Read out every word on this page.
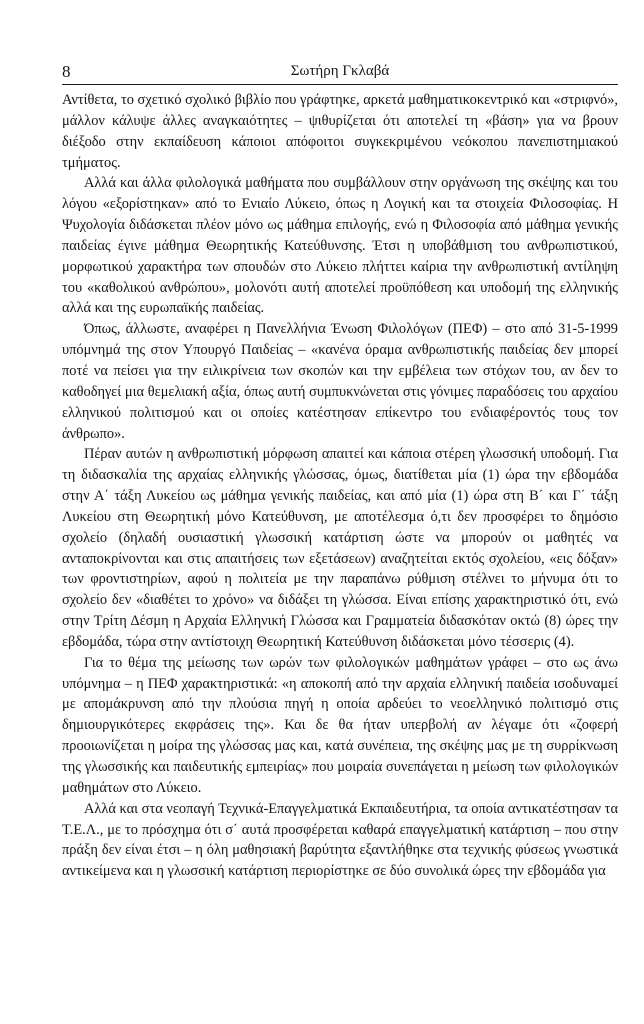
8	Σωτήρη Γκλαβά

Αντίθετα, το σχετικό σχολικό βιβλίο που γράφτηκε, αρκετά μαθηματικοκεντρικό και «στριφνό», μάλλον κάλυψε άλλες αναγκαιότητες – ψιθυρίζεται ότι αποτελεί τη «βάση» για να βρουν διέξοδο στην εκπαίδευση κάποιοι απόφοιτοι συγκεκριμένου νεόκοπου πανεπιστημιακού τμήματος.

Αλλά και άλλα φιλολογικά μαθήματα που συμβάλλουν στην οργάνωση της σκέψης και του λόγου «εξορίστηκαν» από το Ενιαίο Λύκειο, όπως η Λογική και τα στοιχεία Φιλοσοφίας. Η Ψυχολογία διδάσκεται πλέον μόνο ως μάθημα επιλογής, ενώ η Φιλοσοφία από μάθημα γενικής παιδείας έγινε μάθημα Θεωρητικής Κατεύθυνσης. Έτσι η υποβάθμιση του ανθρωπιστικού, μορφωτικού χαρακτήρα των σπουδών στο Λύκειο πλήττει καίρια την ανθρωπιστική αντίληψη του «καθολικού ανθρώπου», μολονότι αυτή αποτελεί προϋπόθεση και υποδομή της ελληνικής αλλά και της ευρωπαϊκής παιδείας.

Όπως, άλλωστε, αναφέρει η Πανελλήνια Ένωση Φιλολόγων (ΠΕΦ) – στο από 31-5-1999 υπόμνημά της στον Υπουργό Παιδείας – «κανένα όραμα ανθρωπιστικής παιδείας δεν μπορεί ποτέ να πείσει για την ειλικρίνεια των σκοπών και την εμβέλεια των στόχων του, αν δεν το καθοδηγεί μια θεμελιακή αξία, όπως αυτή συμπυκνώνεται στις γόνιμες παραδόσεις του αρχαίου ελληνικού πολιτισμού και οι οποίες κατέστησαν επίκεντρο του ενδιαφέροντός τους τον άνθρωπο».

Πέραν αυτών η ανθρωπιστική μόρφωση απαιτεί και κάποια στέρεη γλωσσική υποδομή. Για τη διδασκαλία της αρχαίας ελληνικής γλώσσας, όμως, διατίθεται μία (1) ώρα την εβδομάδα στην Α΄ τάξη Λυκείου ως μάθημα γενικής παιδείας, και από μία (1) ώρα στη Β΄ και Γ΄ τάξη Λυκείου στη Θεωρητική μόνο Κατεύθυνση, με αποτέλεσμα ό,τι δεν προσφέρει το δημόσιο σχολείο (δηλαδή ουσιαστική γλωσσική κατάρτιση ώστε να μπορούν οι μαθητές να ανταποκρίνονται και στις απαιτήσεις των εξετάσεων) αναζητείται εκτός σχολείου, «εις δόξαν» των φροντιστηρίων, αφού η πολιτεία με την παραπάνω ρύθμιση στέλνει το μήνυμα ότι το σχολείο δεν «διαθέτει το χρόνο» να διδάξει τη γλώσσα. Είναι επίσης χαρακτηριστικό ότι, ενώ στην Τρίτη Δέσμη η Αρχαία Ελληνική Γλώσσα και Γραμματεία διδασκόταν οκτώ (8) ώρες την εβδομάδα, τώρα στην αντίστοιχη Θεωρητική Κατεύθυνση διδάσκεται μόνο τέσσερις (4).

Για το θέμα της μείωσης των ωρών των φιλολογικών μαθημάτων γράφει – στο ως άνω υπόμνημα – η ΠΕΦ χαρακτηριστικά: «η αποκοπή από την αρχαία ελληνική παιδεία ισοδυναμεί με απομάκρυνση από την πλούσια πηγή η οποία αρδεύει το νεοελληνικό πολιτισμό στις δημιουργικότερες εκφράσεις της». Και δε θα ήταν υπερβολή αν λέγαμε ότι «ζοφερή προοιωνίζεται η μοίρα της γλώσσας μας και, κατά συνέπεια, της σκέψης μας με τη συρρίκνωση της γλωσσικής και παιδευτικής εμπειρίας» που μοιραία συνεπάγεται η μείωση των φιλολογικών μαθημάτων στο Λύκειο.

Αλλά και στα νεοπαγή Τεχνικά-Επαγγελματικά Εκπαιδευτήρια, τα οποία αντικατέστησαν τα Τ.Ε.Λ., με το πρόσχημα ότι σ΄ αυτά προσφέρεται καθαρά επαγγελματική κατάρτιση – που στην πράξη δεν είναι έτσι – η όλη μαθησιακή βαρύτητα εξαντλήθηκε στα τεχνικής φύσεως γνωστικά αντικείμενα και η γλωσσική κατάρτιση περιορίστηκε σε δύο συνολικά ώρες την εβδομάδα για
